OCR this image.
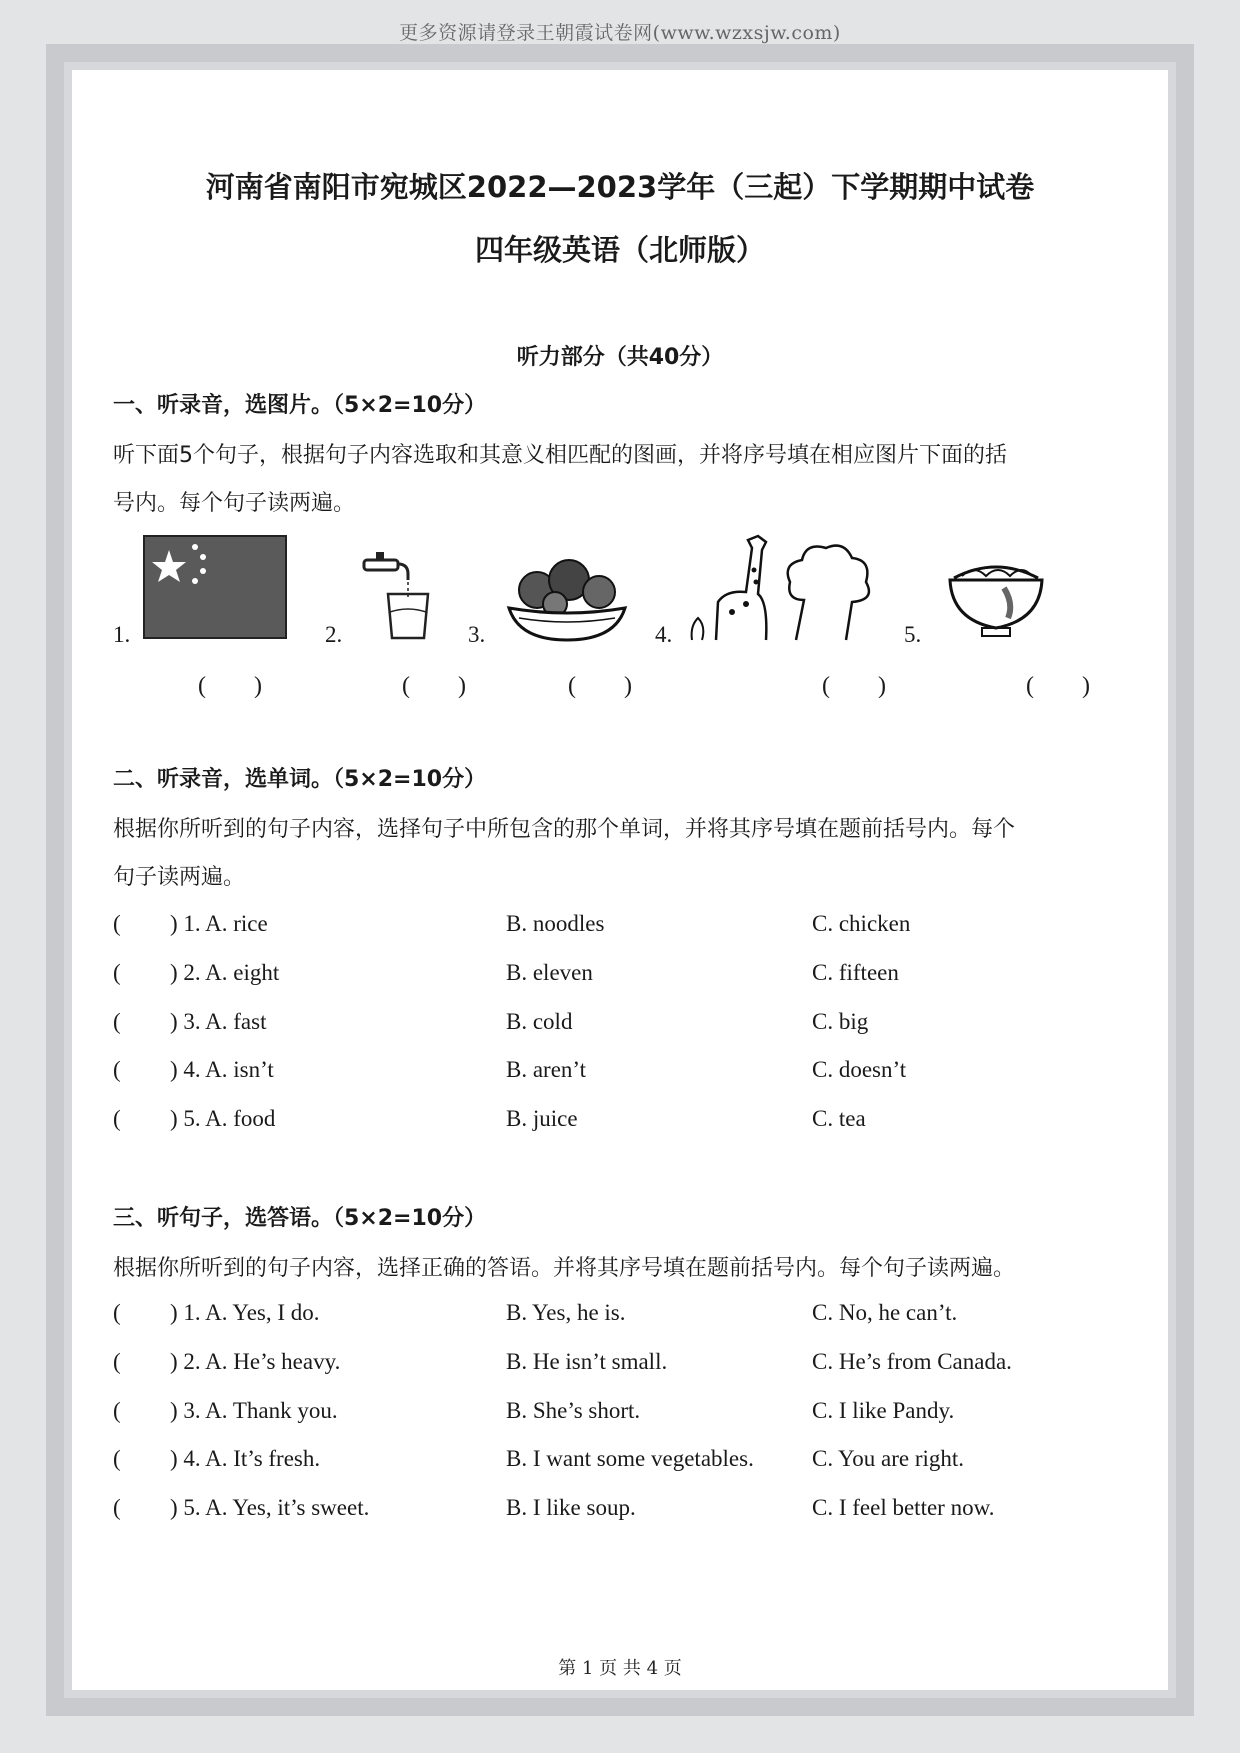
更多资源请登录王朝霞试卷网(www.wzxsjw.com)
河南省南阳市宛城区2022—2023学年（三起）下学期期中试卷
四年级英语（北师版）
听力部分（共40分）
一、听录音，选图片。（5×2=10分）
听下面5个句子，根据句子内容选取和其意义相匹配的图画，并将序号填在相应图片下面的括
号内。每个句子读两遍。
1.
(　　)
2.
(　　)
3.
(　　)
4.
(　　)
5.
(　　)
二、听录音，选单词。（5×2=10分）
根据你所听到的句子内容，选择句子中所包含的那个单词，并将其序号填在题前括号内。每个
句子读两遍。
( ) 1. A. rice	B. noodles	C. chicken
( ) 2. A. eight	B. eleven	C. fifteen
( ) 3. A. fast	B. cold	C. big
( ) 4. A. isn’t	B. aren’t	C. doesn’t
( ) 5. A. food	B. juice	C. tea
三、听句子，选答语。（5×2=10分）
根据你所听到的句子内容，选择正确的答语。并将其序号填在题前括号内。每个句子读两遍。
( ) 1. A. Yes, I do.	B. Yes, he is.	C. No, he can’t.
( ) 2. A. He’s heavy.	B. He isn’t small.	C. He’s from Canada.
( ) 3. A. Thank you.	B. She’s short.	C. I like Pandy.
( ) 4. A. It’s fresh.	B. I want some vegetables.	C. You are right.
( ) 5. A. Yes, it’s sweet.	B. I like soup.	C. I feel better now.
第 1 页 共 4 页
